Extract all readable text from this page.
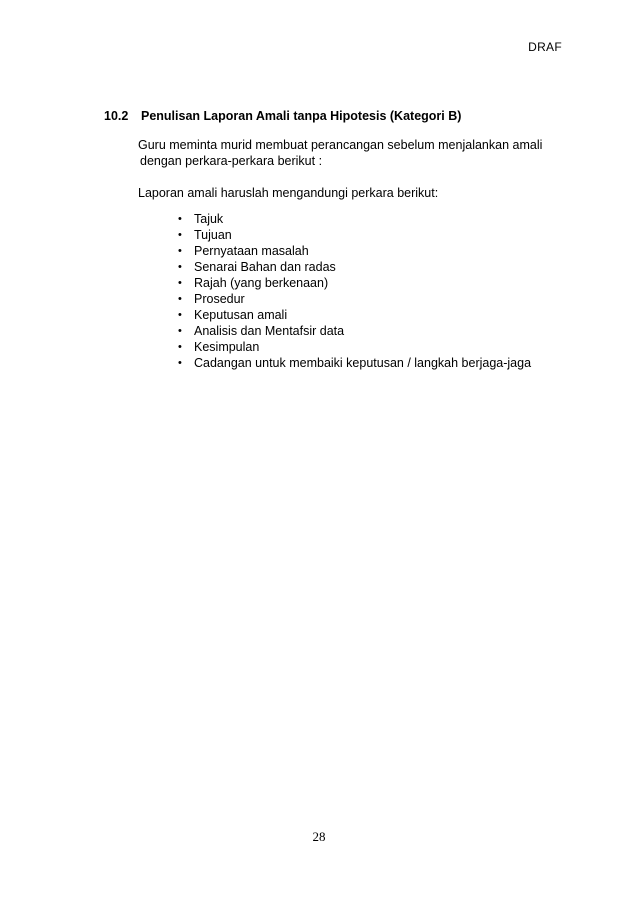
DRAF
10.2	Penulisan Laporan Amali tanpa Hipotesis (Kategori B)

Guru meminta murid membuat perancangan sebelum menjalankan amali
dengan perkara-perkara berikut :

Laporan amali haruslah mengandungi perkara berikut:

• Tajuk
• Tujuan
• Pernyataan masalah
• Senarai Bahan dan radas
• Rajah (yang berkenaan)
• Prosedur
• Keputusan amali
• Analisis dan Mentafsir data
• Kesimpulan
• Cadangan untuk membaiki keputusan / langkah berjaga-jaga
28
